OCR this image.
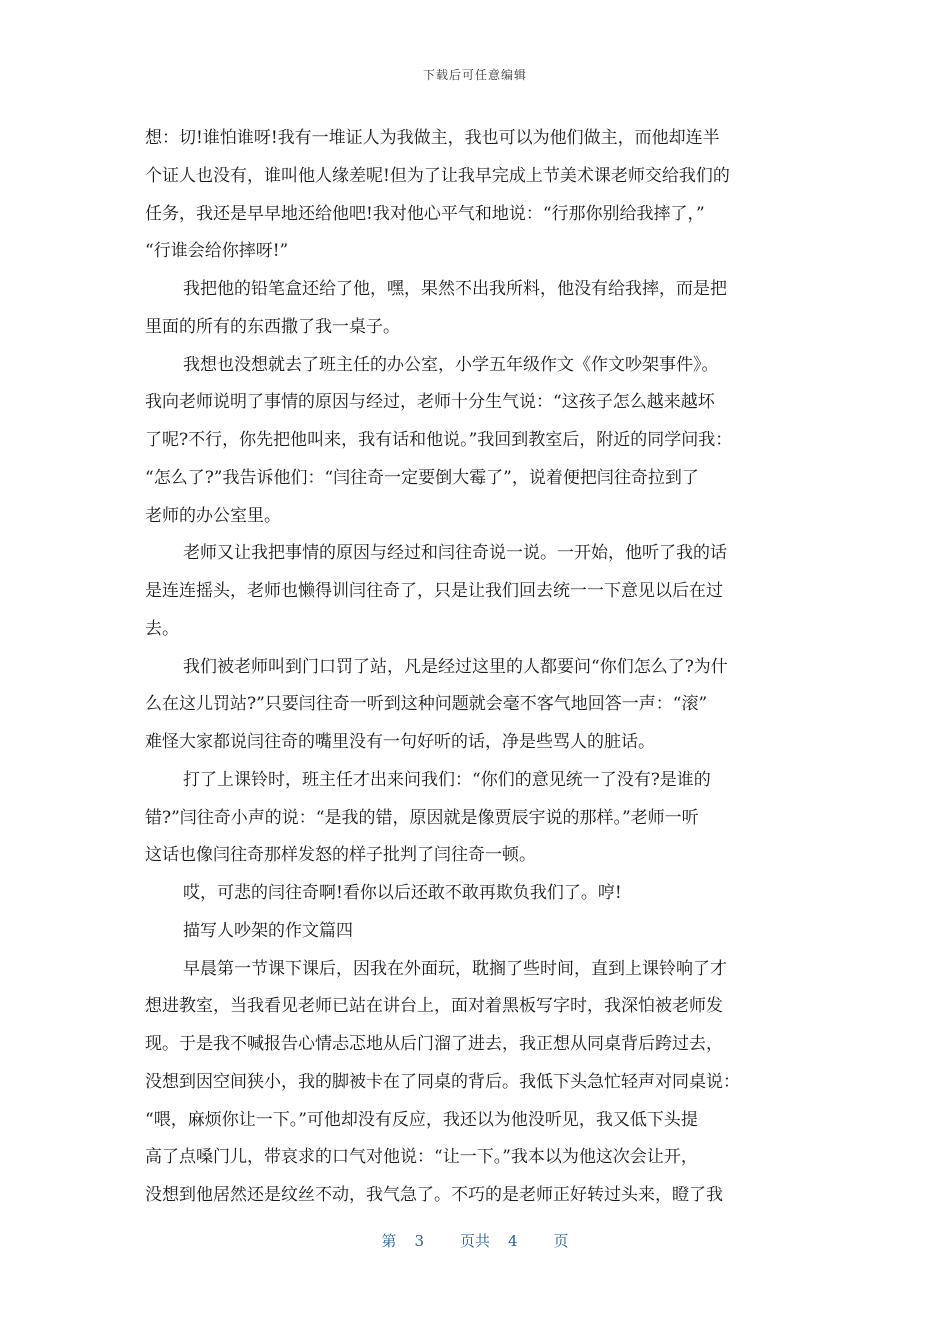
下载后可任意编辑
想：切!谁怕谁呀!我有一堆证人为我做主，我也可以为他们做主，而他却连半
个证人也没有，谁叫他人缘差呢!但为了让我早完成上节美术课老师交给我们的
任务，我还是早早地还给他吧!我对他心平气和地说：“行那你别给我摔了，”
“行谁会给你摔呀!”
我把他的铅笔盒还给了他，嘿，果然不出我所料，他没有给我摔，而是把
里面的所有的东西撒了我一桌子。
我想也没想就去了班主任的办公室，小学五年级作文《作文吵架事件》。
我向老师说明了事情的原因与经过，老师十分生气说：“这孩子怎么越来越坏
了呢?不行，你先把他叫来，我有话和他说。”我回到教室后，附近的同学问我：
“怎么了?”我告诉他们：“闫往奇一定要倒大霉了”，说着便把闫往奇拉到了
老师的办公室里。
老师又让我把事情的原因与经过和闫往奇说一说。一开始，他听了我的话
是连连摇头，老师也懒得训闫往奇了，只是让我们回去统一一下意见以后在过
去。
我们被老师叫到门口罚了站，凡是经过这里的人都要问“你们怎么了?为什
么在这儿罚站?”只要闫往奇一听到这种问题就会毫不客气地回答一声：“滚”
难怪大家都说闫往奇的嘴里没有一句好听的话，净是些骂人的脏话。
打了上课铃时，班主任才出来问我们：“你们的意见统一了没有?是谁的
错?”闫往奇小声的说：“是我的错，原因就是像贾辰宇说的那样。”老师一听
这话也像闫往奇那样发怒的样子批判了闫往奇一顿。
哎，可悲的闫往奇啊!看你以后还敢不敢再欺负我们了。哼!
描写人吵架的作文篇四
早晨第一节课下课后，因我在外面玩，耽搁了些时间，直到上课铃响了才
想进教室，当我看见老师已站在讲台上，面对着黑板写字时，我深怕被老师发
现。于是我不喊报告心情忐忑地从后门溜了进去，我正想从同桌背后跨过去，
没想到因空间狭小，我的脚被卡在了同桌的背后。我低下头急忙轻声对同桌说：
“喂，麻烦你让一下。”可他却没有反应，我还以为他没听见，我又低下头提
高了点嗓门儿，带哀求的口气对他说：“让一下。”我本以为他这次会让开，
没想到他居然还是纹丝不动，我气急了。不巧的是老师正好转过头来，瞪了我
第 3 页共 4 页
